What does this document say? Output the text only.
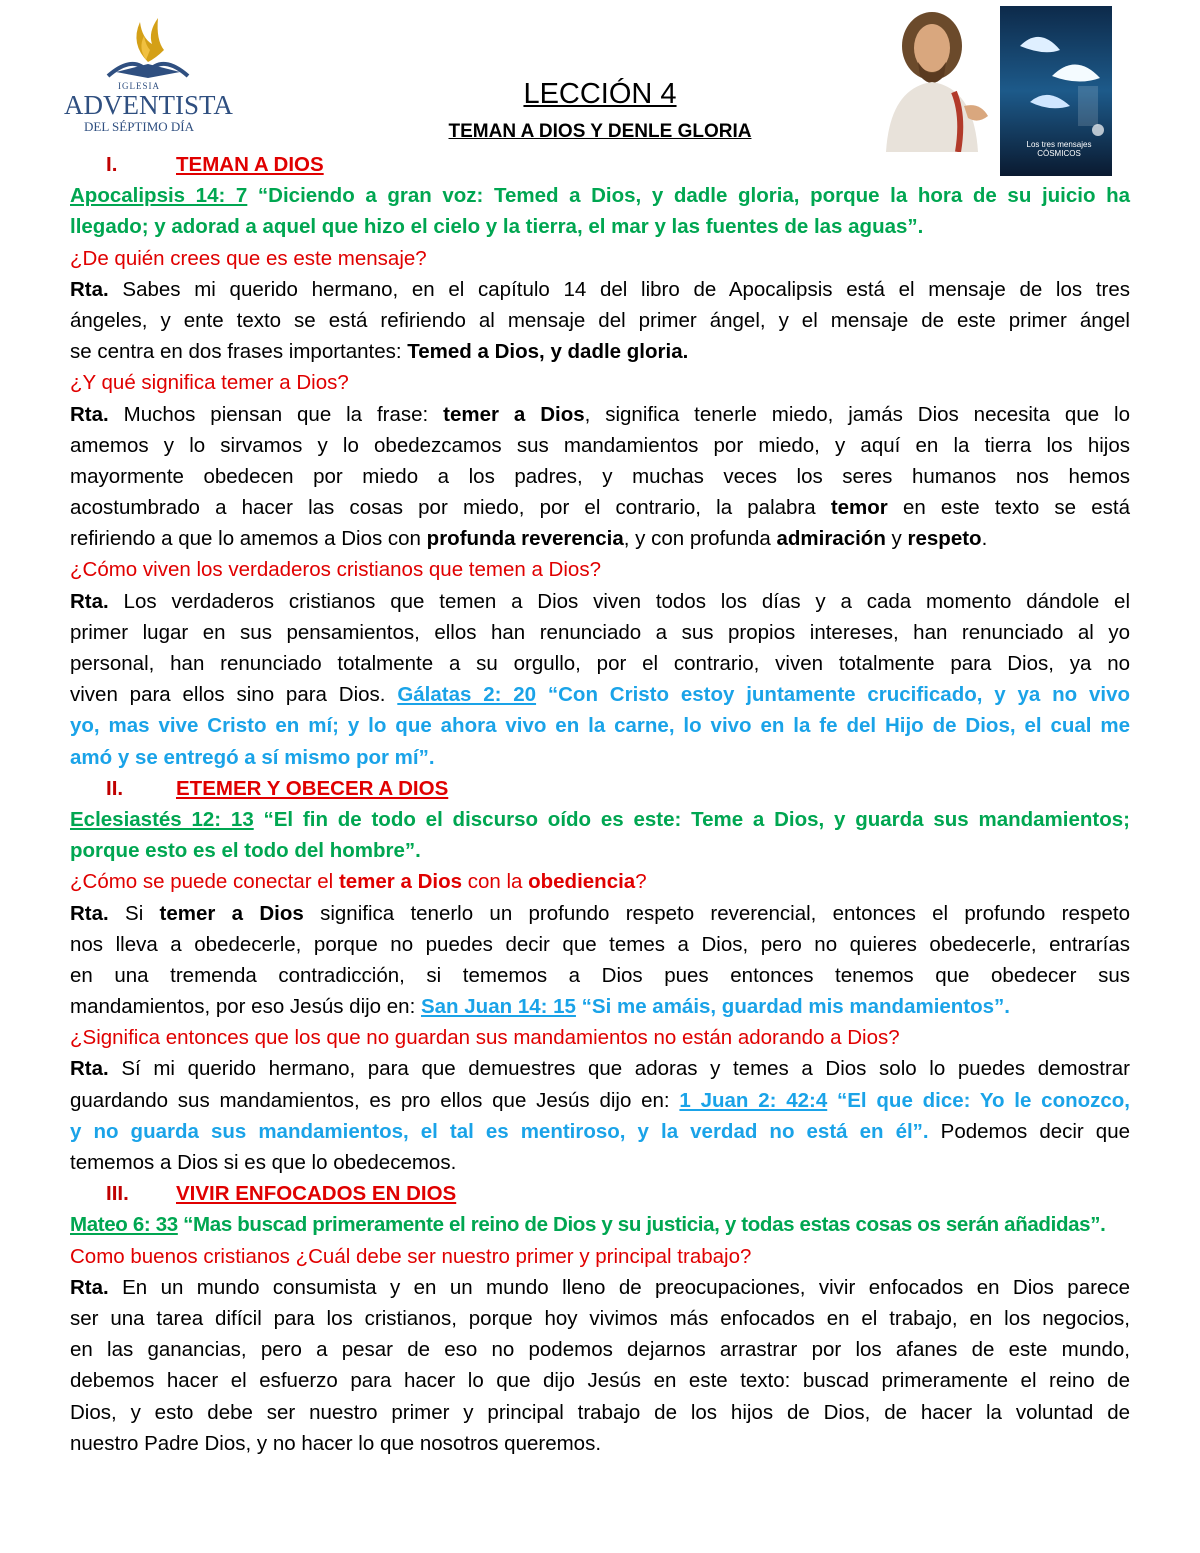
IGLESIA
ADVENTISTA
DEL SÉPTIMO DÍA
Los tres mensajes CÓSMICOS
LECCIÓN 4
TEMAN A DIOS Y DENLE GLORIA
I.	TEMAN A DIOS
Apocalipsis 14: 7 “Diciendo a gran voz: Temed a Dios, y dadle gloria, porque la hora de su juicio ha
llegado; y adorad a aquel que hizo el cielo y la tierra, el mar y las fuentes de las aguas”.
¿De quién crees que es este mensaje?
Rta. Sabes mi querido hermano, en el capítulo 14 del libro de Apocalipsis está el mensaje de los tres
ángeles, y ente texto se está refiriendo al mensaje del primer ángel, y el mensaje de este primer ángel
se centra en dos frases importantes: Temed a Dios, y dadle gloria.
¿Y qué significa temer a Dios?
Rta. Muchos piensan que la frase: temer a Dios, significa tenerle miedo, jamás Dios necesita que lo
amemos y lo sirvamos y lo obedezcamos sus mandamientos por miedo, y aquí en la tierra los hijos
mayormente obedecen por miedo a los padres, y muchas veces los seres humanos nos hemos
acostumbrado a hacer las cosas por miedo, por el contrario, la palabra temor en este texto se está
refiriendo a que lo amemos a Dios con profunda reverencia, y con profunda admiración y respeto.
¿Cómo viven los verdaderos cristianos que temen a Dios?
Rta. Los verdaderos cristianos que temen a Dios viven todos los días y a cada momento dándole el
primer lugar en sus pensamientos, ellos han renunciado a sus propios intereses, han renunciado al yo
personal, han renunciado totalmente a su orgullo, por el contrario, viven totalmente para Dios, ya no
viven para ellos sino para Dios. Gálatas 2: 20 “Con Cristo estoy juntamente crucificado, y ya no vivo
yo, mas vive Cristo en mí; y lo que ahora vivo en la carne, lo vivo en la fe del Hijo de Dios, el cual me
amó y se entregó a sí mismo por mí”.
II.	ETEMER Y OBECER A DIOS
Eclesiastés 12: 13 “El fin de todo el discurso oído es este: Teme a Dios, y guarda sus mandamientos;
porque esto es el todo del hombre”.
¿Cómo se puede conectar el temer a Dios con la obediencia?
Rta. Si temer a Dios significa tenerlo un profundo respeto reverencial, entonces el profundo respeto
nos lleva a obedecerle, porque no puedes decir que temes a Dios, pero no quieres obedecerle, entrarías
en una tremenda contradicción, si tememos a Dios pues entonces tenemos que obedecer sus
mandamientos, por eso Jesús dijo en: San Juan 14: 15 “Si me amáis, guardad mis mandamientos”.
¿Significa entonces que los que no guardan sus mandamientos no están adorando a Dios?
Rta. Sí mi querido hermano, para que demuestres que adoras y temes a Dios solo lo puedes demostrar
guardando sus mandamientos, es pro ellos que Jesús dijo en: 1 Juan 2: 42:4 “El que dice: Yo le conozco,
y no guarda sus mandamientos, el tal es mentiroso, y la verdad no está en él”. Podemos decir que
tememos a Dios si es que lo obedecemos.
III. VIVIR ENFOCADOS EN DIOS
Mateo 6: 33 “Mas buscad primeramente el reino de Dios y su justicia, y todas estas cosas os serán añadidas”.
Como buenos cristianos ¿Cuál debe ser nuestro primer y principal trabajo?
Rta. En un mundo consumista y en un mundo lleno de preocupaciones, vivir enfocados en Dios parece
ser una tarea difícil para los cristianos, porque hoy vivimos más enfocados en el trabajo, en los negocios,
en las ganancias, pero a pesar de eso no podemos dejarnos arrastrar por los afanes de este mundo,
debemos hacer el esfuerzo para hacer lo que dijo Jesús en este texto: buscad primeramente el reino de
Dios, y esto debe ser nuestro primer y principal trabajo de los hijos de Dios, de hacer la voluntad de
nuestro Padre Dios, y no hacer lo que nosotros queremos.
